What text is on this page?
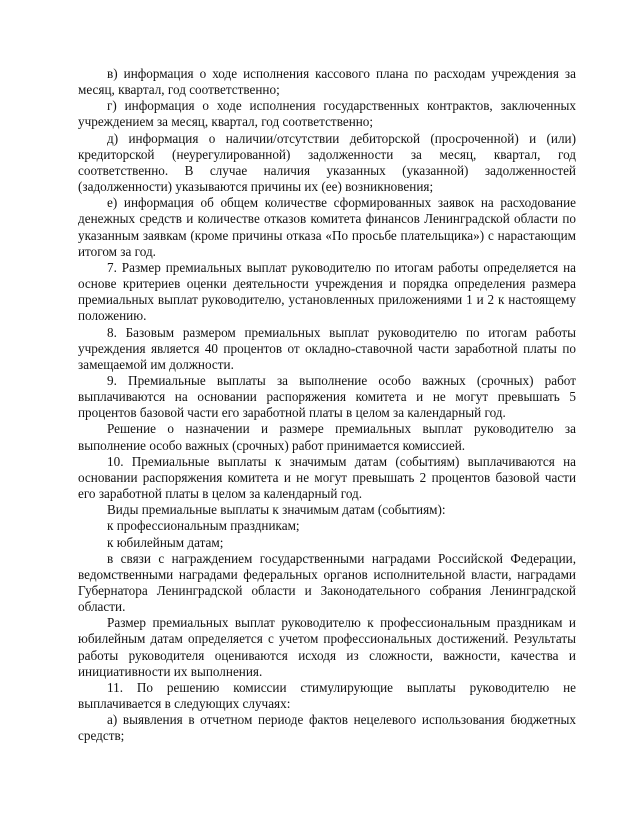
в) информация о ходе исполнения кассового плана по расходам учреждения за месяц, квартал, год соответственно;

г) информация о ходе исполнения государственных контрактов, заключенных учреждением за месяц, квартал, год соответственно;

д) информация о наличии/отсутствии дебиторской (просроченной) и (или) кредиторской (неурегулированной) задолженности за месяц, квартал, год соответственно. В случае наличия указанных (указанной) задолженностей (задолженности) указываются причины их (ее) возникновения;

е) информация об общем количестве сформированных заявок на расходование денежных средств и количестве отказов комитета финансов Ленинградской области по указанным заявкам (кроме причины отказа «По просьбе плательщика») с нарастающим итогом за год.

7. Размер премиальных выплат руководителю по итогам работы определяется на основе критериев оценки деятельности учреждения и порядка определения размера премиальных выплат руководителю, установленных приложениями 1 и 2 к настоящему положению.

8. Базовым размером премиальных выплат руководителю по итогам работы учреждения является 40 процентов от окладно-ставочной части заработной платы по замещаемой им должности.

9. Премиальные выплаты за выполнение особо важных (срочных) работ выплачиваются на основании распоряжения комитета и не могут превышать 5 процентов базовой части его заработной платы в целом за календарный год.

Решение о назначении и размере премиальных выплат руководителю за выполнение особо важных (срочных) работ принимается комиссией.

10. Премиальные выплаты к значимым датам (событиям) выплачиваются на основании распоряжения комитета и не могут превышать 2 процентов базовой части его заработной платы в целом за календарный год.

Виды премиальные выплаты к значимым датам (событиям):

к профессиональным праздникам;

к юбилейным датам;

в связи с награждением государственными наградами Российской Федерации, ведомственными наградами федеральных органов исполнительной власти, наградами Губернатора Ленинградской области и Законодательного собрания Ленинградской области.

Размер премиальных выплат руководителю к профессиональным праздникам и юбилейным датам определяется с учетом профессиональных достижений. Результаты работы руководителя оцениваются исходя из сложности, важности, качества и инициативности их выполнения.

11. По решению комиссии стимулирующие выплаты руководителю не выплачивается в следующих случаях:

а) выявления в отчетном периоде фактов нецелевого использования бюджетных средств;
